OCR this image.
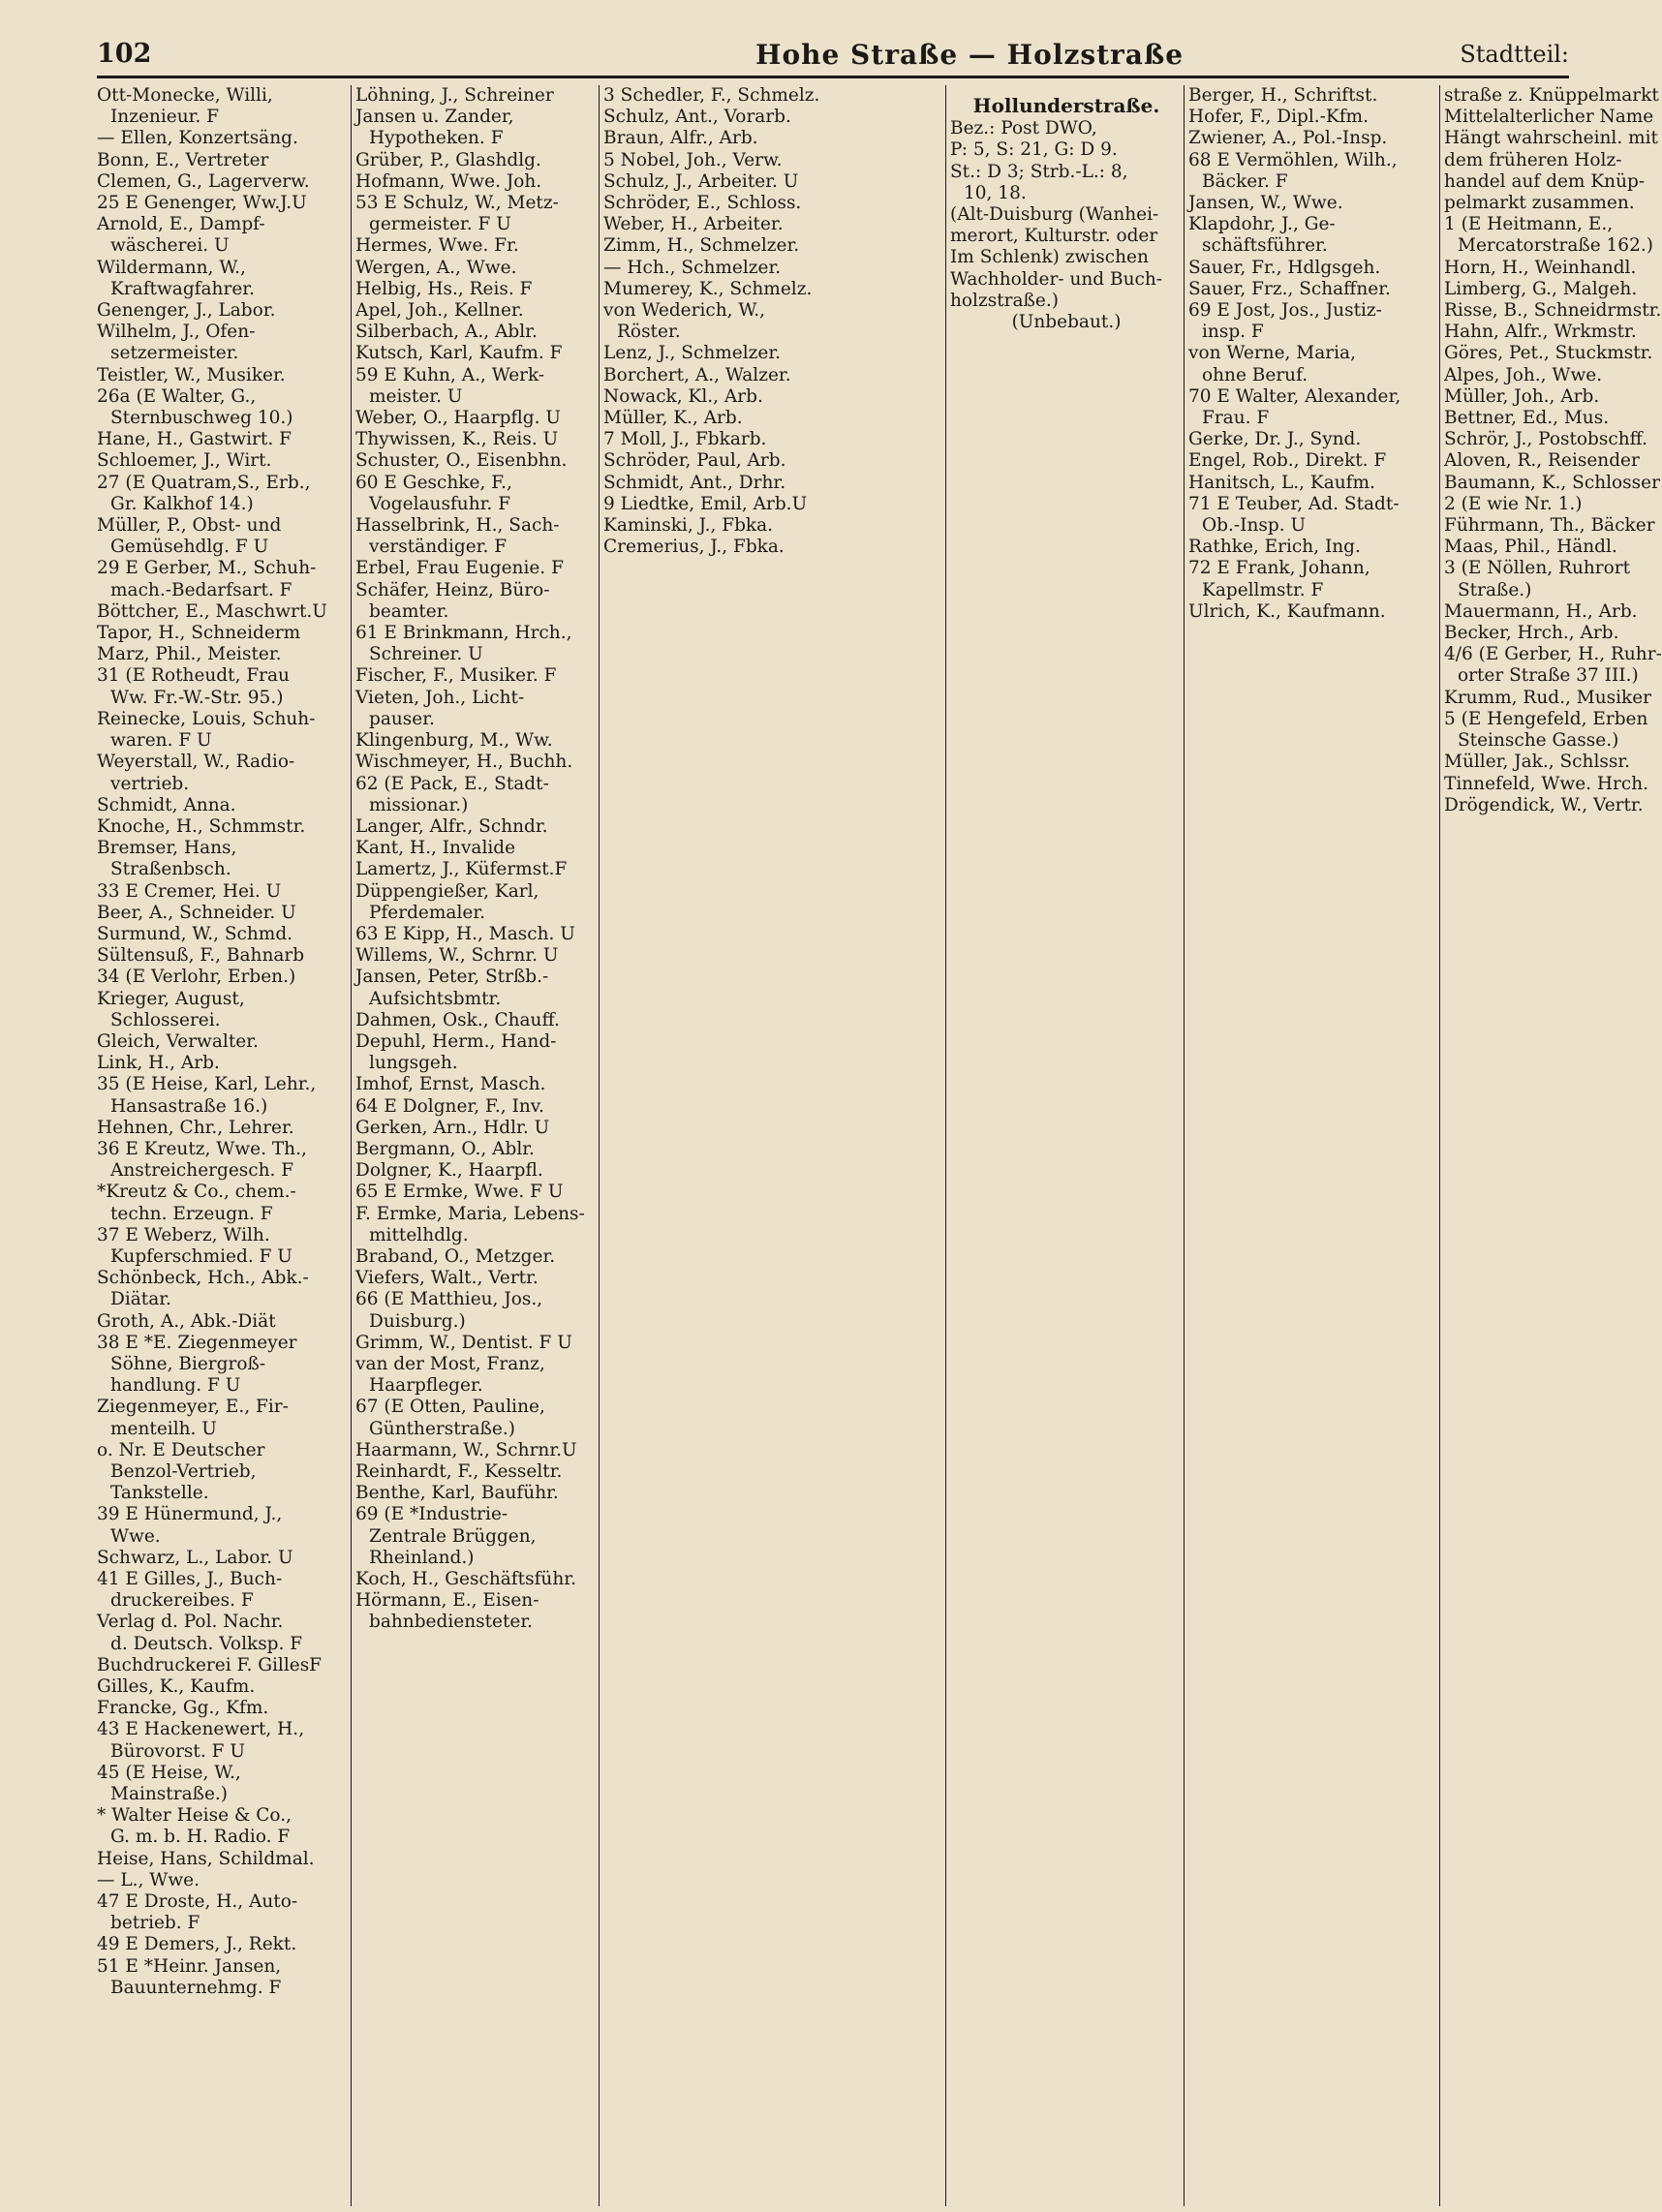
102	Hohe Straße — Holzstraße	Stadtteil:
Ott-Monecke, Willi,
Inzenieur. F
— Ellen, Konzertsäng.
Bonn, E., Vertreter
Clemen, G., Lagerverw.
25 E Genenger, Ww.J.U
Arnold, E., Dampf-
wäscherei. U
Wildermann, W.,
Kraftwagfahrer.
Genenger, J., Labor.
Wilhelm, J., Ofen-
setzermeister.
Teistler, W., Musiker.
26a (E Walter, G.,
Sternbuschweg 10.)
Hane, H., Gastwirt. F
Schloemer, J., Wirt.
27 (E Quatram,S., Erb.,
Gr. Kalkhof 14.)
Müller, P., Obst- und
Gemüsehdlg. F U
29 E Gerber, M., Schuh-
mach.-Bedarfsart. F
Böttcher, E., Maschwrt.U
Tapor, H., Schneiderm
Marz, Phil., Meister.
31 (E Rotheudt, Frau
Ww. Fr.-W.-Str. 95.)
Reinecke, Louis, Schuh-
waren. F U
Weyerstall, W., Radio-
vertrieb.
Schmidt, Anna.
Knoche, H., Schmmstr.
Bremser, Hans,
Straßenbsch.
33 E Cremer, Hei. U
Beer, A., Schneider. U
Surmund, W., Schmd.
Sültensuß, F., Bahnarb
34 (E Verlohr, Erben.)
Krieger, August,
Schlosserei.
Gleich, Verwalter.
Link, H., Arb.
35 (E Heise, Karl, Lehr.,
Hansastraße 16.)
Hehnen, Chr., Lehrer.
36 E Kreutz, Wwe. Th.,
Anstreichergesch. F
*Kreutz & Co., chem.-
techn. Erzeugn. F
37 E Weberz, Wilh.
Kupferschmied. F U
Schönbeck, Hch., Abk.-
Diätar.
Groth, A., Abk.-Diät
38 E *E. Ziegenmeyer
Söhne, Biergroß-
handlung. F U
Ziegenmeyer, E., Fir-
menteilh. U
o. Nr. E Deutscher
Benzol-Vertrieb,
Tankstelle.
39 E Hünermund, J.,
Wwe.
Schwarz, L., Labor. U
41 E Gilles, J., Buch-
druckereibes. F
Verlag d. Pol. Nachr.
d. Deutsch. Volksp. F
Buchdruckerei F. GillesF
Gilles, K., Kaufm.
Francke, Gg., Kfm.
43 E Hackenewert, H.,
Bürovorst. F U
45 (E Heise, W.,
Mainstraße.)
* Walter Heise & Co.,
G. m. b. H. Radio. F
Heise, Hans, Schildmal.
— L., Wwe.
47 E Droste, H., Auto-
betrieb. F
49 E Demers, J., Rekt.
51 E *Heinr. Jansen,
Bauunternehmg. F
Löhning, J., Schreiner
Jansen u. Zander,
Hypotheken. F
Grüber, P., Glashdlg.
Hofmann, Wwe. Joh.
53 E Schulz, W., Metz-
germeister. F U
Hermes, Wwe. Fr.
Wergen, A., Wwe.
Helbig, Hs., Reis. F
Apel, Joh., Kellner.
Silberbach, A., Ablr.
Kutsch, Karl, Kaufm. F
59 E Kuhn, A., Werk-
meister. U
Weber, O., Haarpflg. U
Thywissen, K., Reis. U
Schuster, O., Eisenbhn.
60 E Geschke, F.,
Vogelausfuhr. F
Hasselbrink, H., Sach-
verständiger. F
Erbel, Frau Eugenie. F
Schäfer, Heinz, Büro-
beamter.
61 E Brinkmann, Hrch.,
Schreiner. U
Fischer, F., Musiker. F
Vieten, Joh., Licht-
pauser.
Klingenburg, M., Ww.
Wischmeyer, H., Buchh.
62 (E Pack, E., Stadt-
missionar.)
Langer, Alfr., Schndr.
Kant, H., Invalide
Lamertz, J., Küfermst.F
Düppengießer, Karl,
Pferdemaler.
63 E Kipp, H., Masch. U
Willems, W., Schrnr. U
Jansen, Peter, Strßb.-
Aufsichtsbmtr.
Dahmen, Osk., Chauff.
Depuhl, Herm., Hand-
lungsgeh.
Imhof, Ernst, Masch.
64 E Dolgner, F., Inv.
Gerken, Arn., Hdlr. U
Bergmann, O., Ablr.
Dolgner, K., Haarpfl.
65 E Ermke, Wwe. F U
F. Ermke, Maria, Lebens-
mittelhdlg.
Braband, O., Metzger.
Viefers, Walt., Vertr.
66 (E Matthieu, Jos.,
Duisburg.)
Grimm, W., Dentist. F U
van der Most, Franz,
Haarpfleger.
67 (E Otten, Pauline,
Güntherstraße.)
Haarmann, W., Schrnr.U
Reinhardt, F., Kesseltr.
Benthe, Karl, Bauführ.
69 (E *Industrie-
Zentrale Brüggen,
Rheinland.)
Koch, H., Geschäftsführ.
Hörmann, E., Eisen-
bahnbediensteter.
3 Schedler, F., Schmelz.
Schulz, Ant., Vorarb.
Braun, Alfr., Arb.
5 Nobel, Joh., Verw.
Schulz, J., Arbeiter. U
Schröder, E., Schloss.
Weber, H., Arbeiter.
Zimm, H., Schmelzer.
— Hch., Schmelzer.
Mumerey, K., Schmelz.
von Wederich, W.,
Röster.
Lenz, J., Schmelzer.
Borchert, A., Walzer.
Nowack, Kl., Arb.
Müller, K., Arb.
7 Moll, J., Fbkarb.
Schröder, Paul, Arb.
Schmidt, Ant., Drhr.
9 Liedtke, Emil, Arb.U
Kaminski, J., Fbka.
Cremerius, J., Fbka.
Hollunderstraße.
Bez.: Post DWO,
P: 5, S: 21, G: D 9.
St.: D 3; Strb.-L.: 8,
10, 18.
(Alt-Duisburg (Wanhei-
merort, Kulturstr. oder
Im Schlenk) zwischen
Wachholder- und Buch-
holzstraße.)
(Unbebaut.)
Berger, H., Schriftst.
Hofer, F., Dipl.-Kfm.
Zwiener, A., Pol.-Insp.
68 E Vermöhlen, Wilh.,
Bäcker. F
Jansen, W., Wwe.
Klapdohr, J., Ge-
schäftsführer.
Sauer, Fr., Hdlgsgeh.
Sauer, Frz., Schaffner.
69 E Jost, Jos., Justiz-
insp. F
von Werne, Maria,
ohne Beruf.
70 E Walter, Alexander,
Frau. F
Gerke, Dr. J., Synd.
Engel, Rob., Direkt. F
Hanitsch, L., Kaufm.
71 E Teuber, Ad. Stadt-
Ob.-Insp. U
Rathke, Erich, Ing.
72 E Frank, Johann,
Kapellmstr. F
Ulrich, K., Kaufmann.
straße z. Knüppelmarkt
Mittelalterlicher Name
Hängt wahrscheinl. mit
dem früheren Holz-
handel auf dem Knüp-
pelmarkt zusammen.
1 (E Heitmann, E.,
Mercatorstraße 162.)
Horn, H., Weinhandl.
Limberg, G., Malgeh.
Risse, B., Schneidrmstr.
Hahn, Alfr., Wrkmstr.
Göres, Pet., Stuckmstr.
Alpes, Joh., Wwe.
Müller, Joh., Arb.
Bettner, Ed., Mus.
Schrör, J., Postobschff.
Aloven, R., Reisender
Baumann, K., Schlosser
2 (E wie Nr. 1.)
Führmann, Th., Bäcker
Maas, Phil., Händl.
3 (E Nöllen, Ruhrort
Straße.)
Mauermann, H., Arb.
Becker, Hrch., Arb.
4/6 (E Gerber, H., Ruhr-
orter Straße 37 III.)
Krumm, Rud., Musiker
5 (E Hengefeld, Erben
Steinsche Gasse.)
Müller, Jak., Schlssr.
Tinnefeld, Wwe. Hrch.
Drögendick, W., Vertr.
